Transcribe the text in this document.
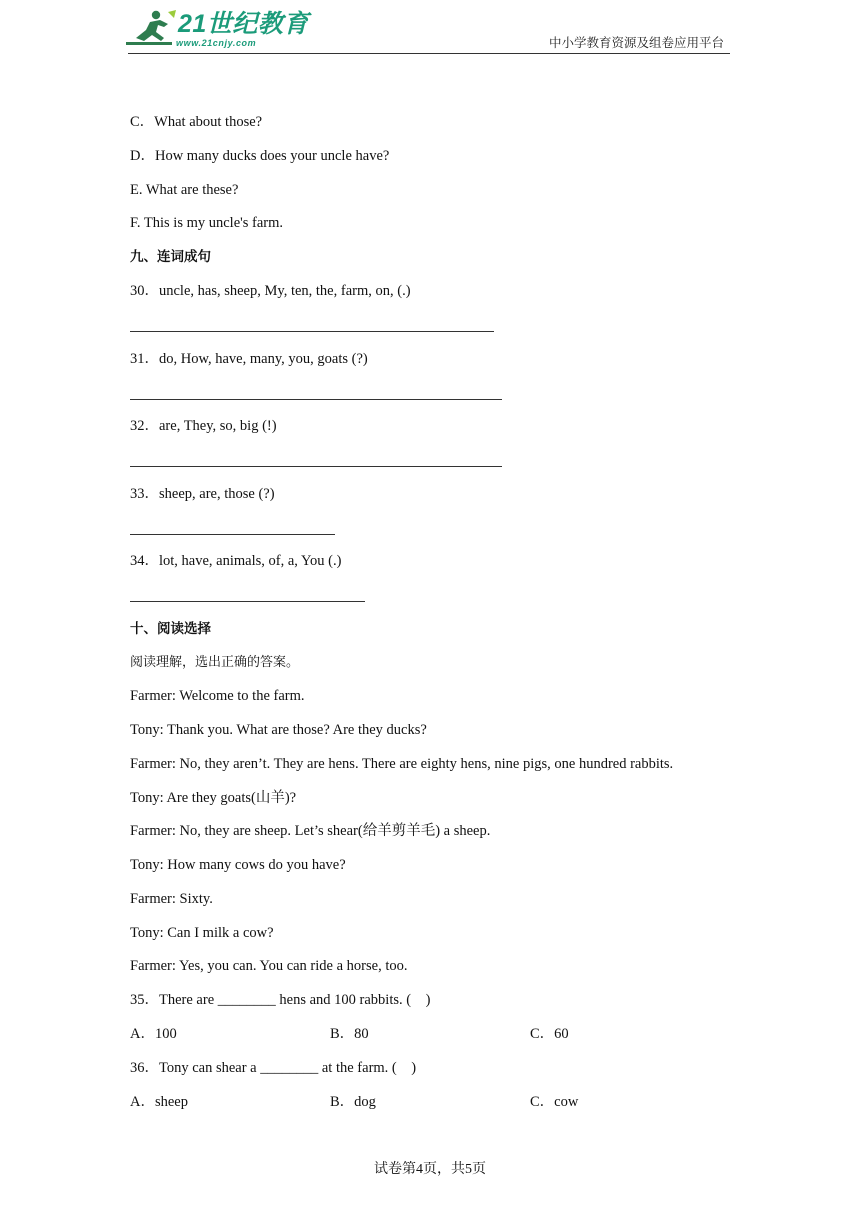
21世纪教育
www.21cnjy.com	中小学教育资源及组卷应用平台
C．What about those?
D．How many ducks does your uncle have?
E. What are these?
F. This is my uncle's farm.
九、连词成句
30．uncle, has, sheep, My, ten, the, farm, on, (.)
31．do, How, have, many, you, goats (?)
32．are, They, so, big (!)
33．sheep, are, those (?)
34．lot, have, animals, of, a, You (.)
十、阅读选择
阅读理解，选出正确的答案。
Farmer: Welcome to the farm.
Tony: Thank you. What are those? Are they ducks?
Farmer: No, they aren’t. They are hens. There are eighty hens, nine pigs, one hundred rabbits.
Tony: Are they goats(山羊)?
Farmer: No, they are sheep. Let’s shear(给羊剪羊毛) a sheep.
Tony: How many cows do you have?
Farmer: Sixty.
Tony: Can I milk a cow?
Farmer: Yes, you can. You can ride a horse, too.
35．There are ________ hens and 100 rabbits. (    )
A．100	B．80	C．60
36．Tony can shear a ________ at the farm. (    )
A．sheep	B．dog	C．cow
试卷第4页，共5页
